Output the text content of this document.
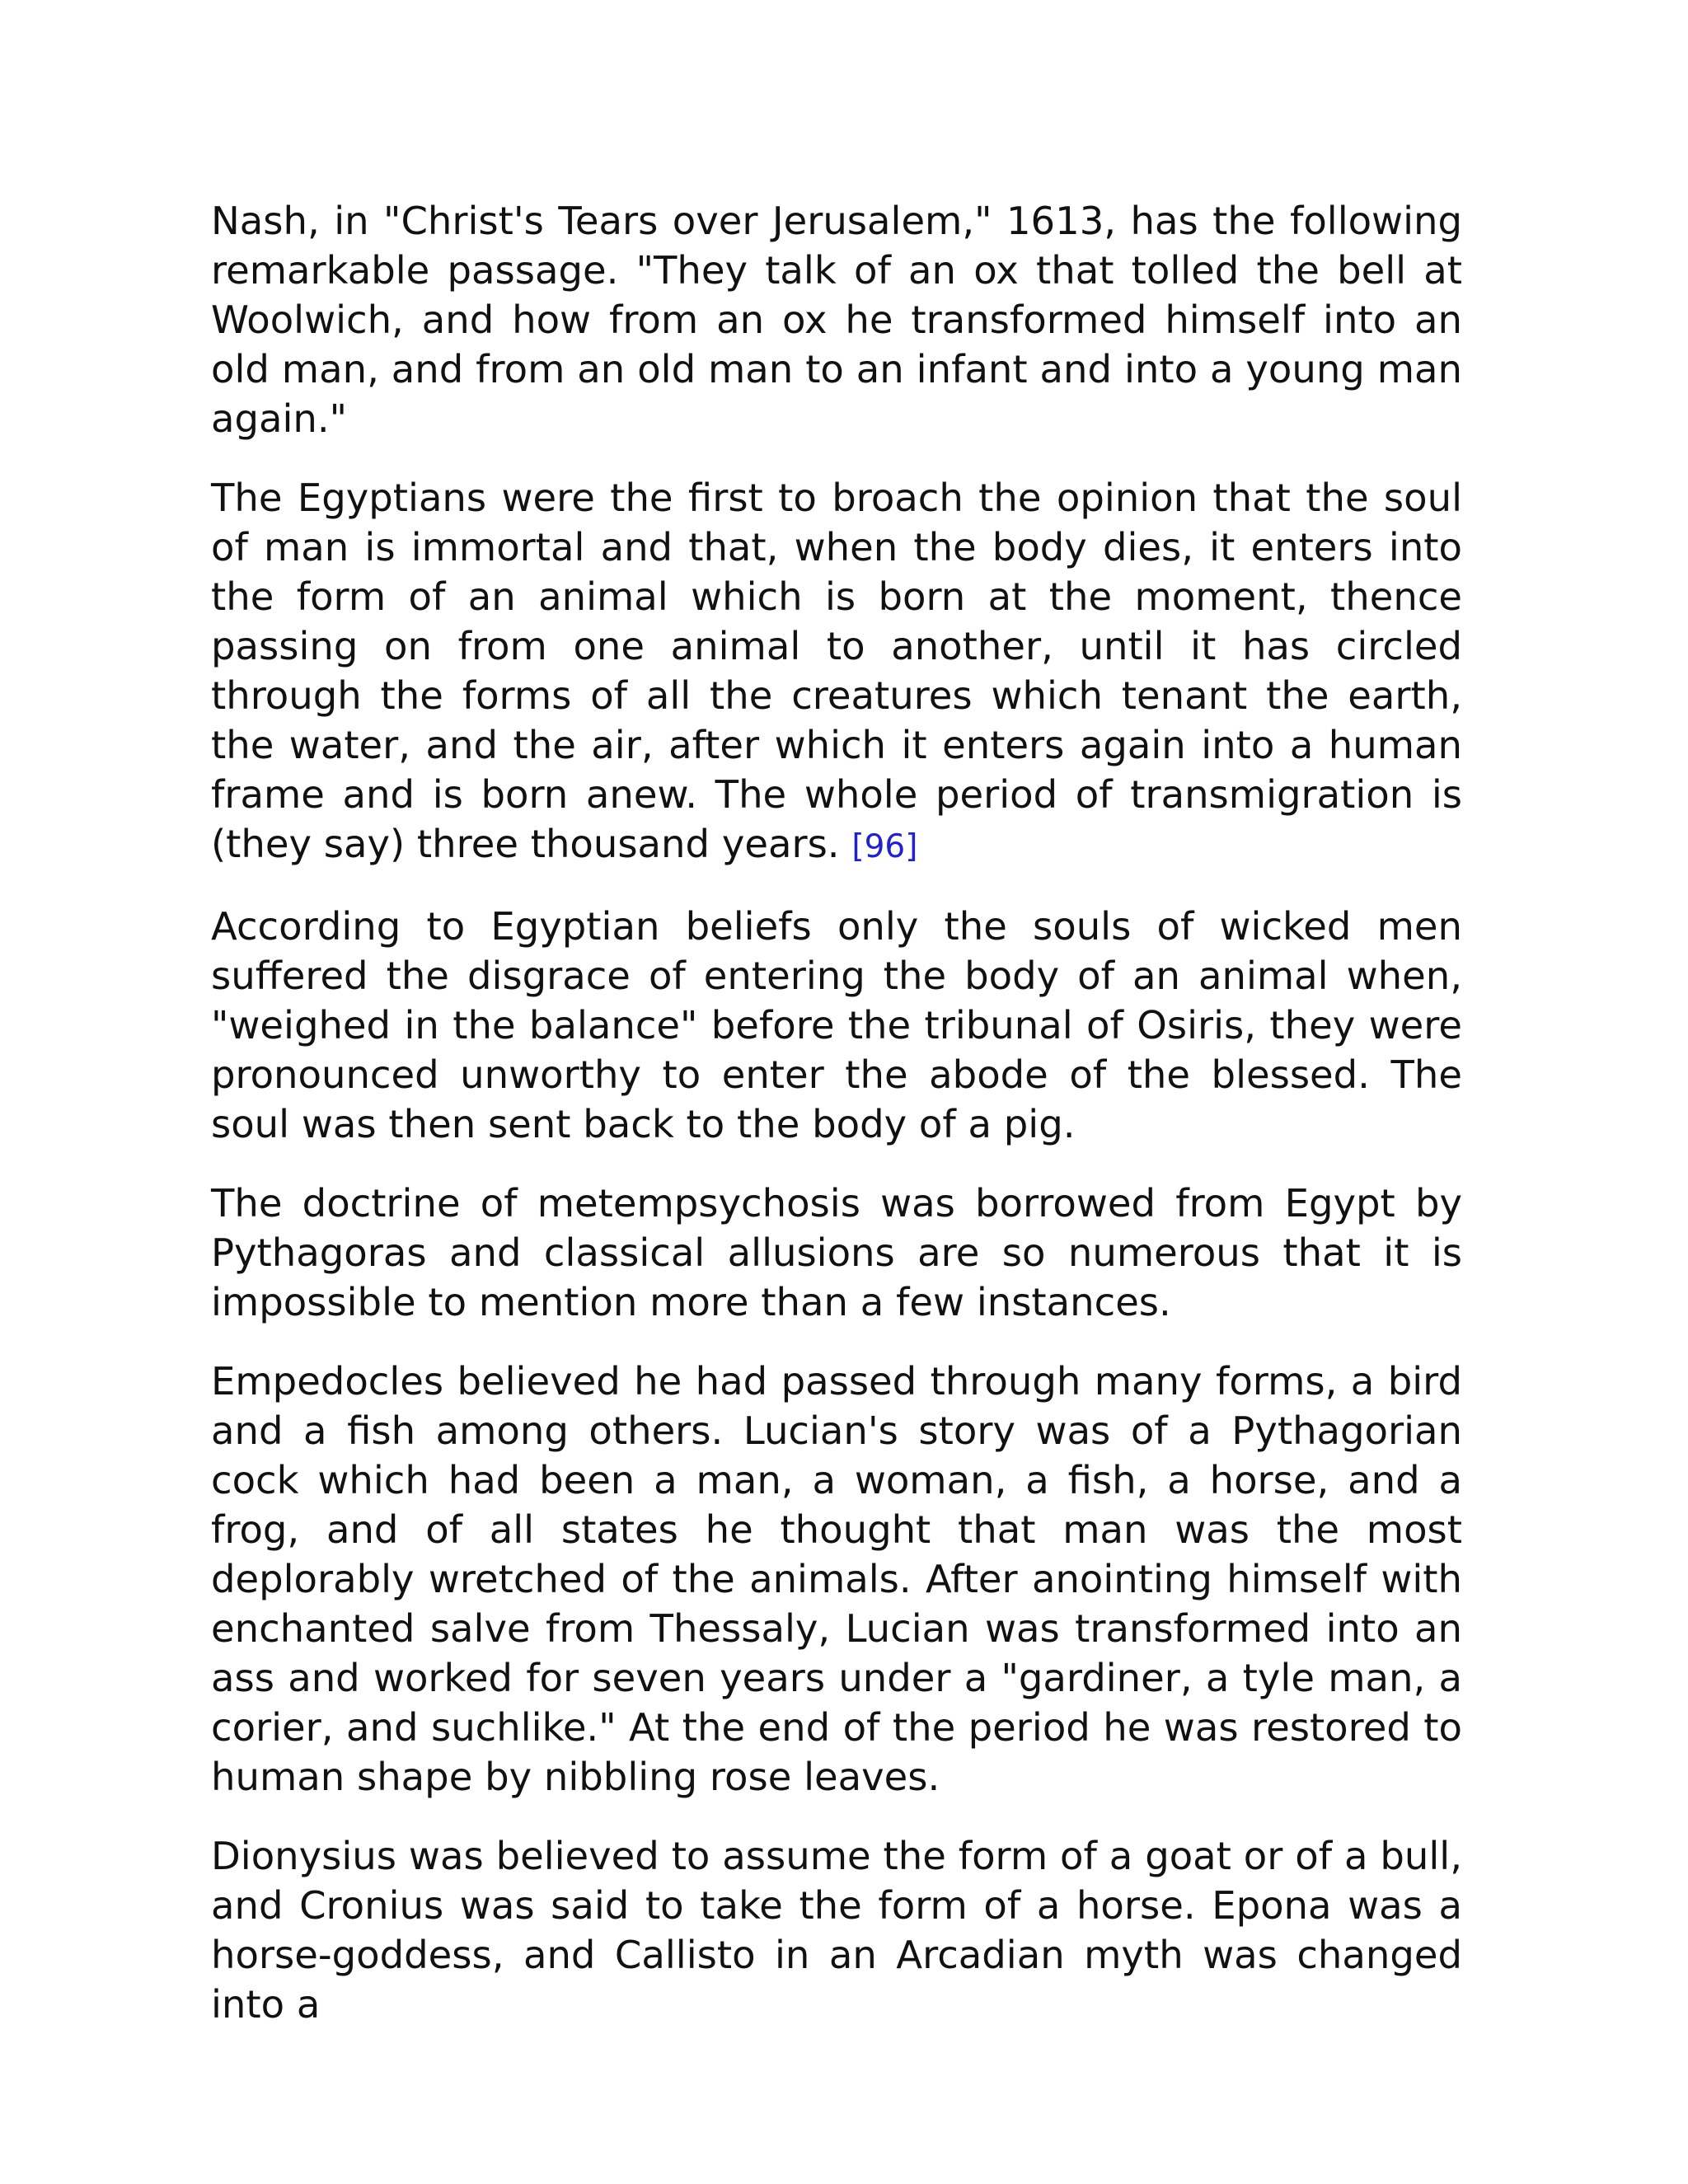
Nash, in "Christ's Tears over Jerusalem," 1613, has the following remarkable passage. "They talk of an ox that tolled the bell at Woolwich, and how from an ox he transformed himself into an old man, and from an old man to an infant and into a young man again."

The Egyptians were the first to broach the opinion that the soul of man is immortal and that, when the body dies, it enters into the form of an animal which is born at the moment, thence passing on from one animal to another, until it has circled through the forms of all the creatures which tenant the earth, the water, and the air, after which it enters again into a human frame and is born anew. The whole period of transmigration is (they say) three thousand years. [96]

According to Egyptian beliefs only the souls of wicked men suffered the disgrace of entering the body of an animal when, "weighed in the balance" before the tribunal of Osiris, they were pronounced unworthy to enter the abode of the blessed. The soul was then sent back to the body of a pig.

The doctrine of metempsychosis was borrowed from Egypt by Pythagoras and classical allusions are so numerous that it is impossible to mention more than a few instances.

Empedocles believed he had passed through many forms, a bird and a fish among others. Lucian's story was of a Pythagorian cock which had been a man, a woman, a fish, a horse, and a frog, and of all states he thought that man was the most deplorably wretched of the animals. After anointing himself with enchanted salve from Thessaly, Lucian was transformed into an ass and worked for seven years under a "gardiner, a tyle man, a corier, and suchlike." At the end of the period he was restored to human shape by nibbling rose leaves.

Dionysius was believed to assume the form of a goat or of a bull, and Cronius was said to take the form of a horse. Epona was a horse-goddess, and Callisto in an Arcadian myth was changed into a
